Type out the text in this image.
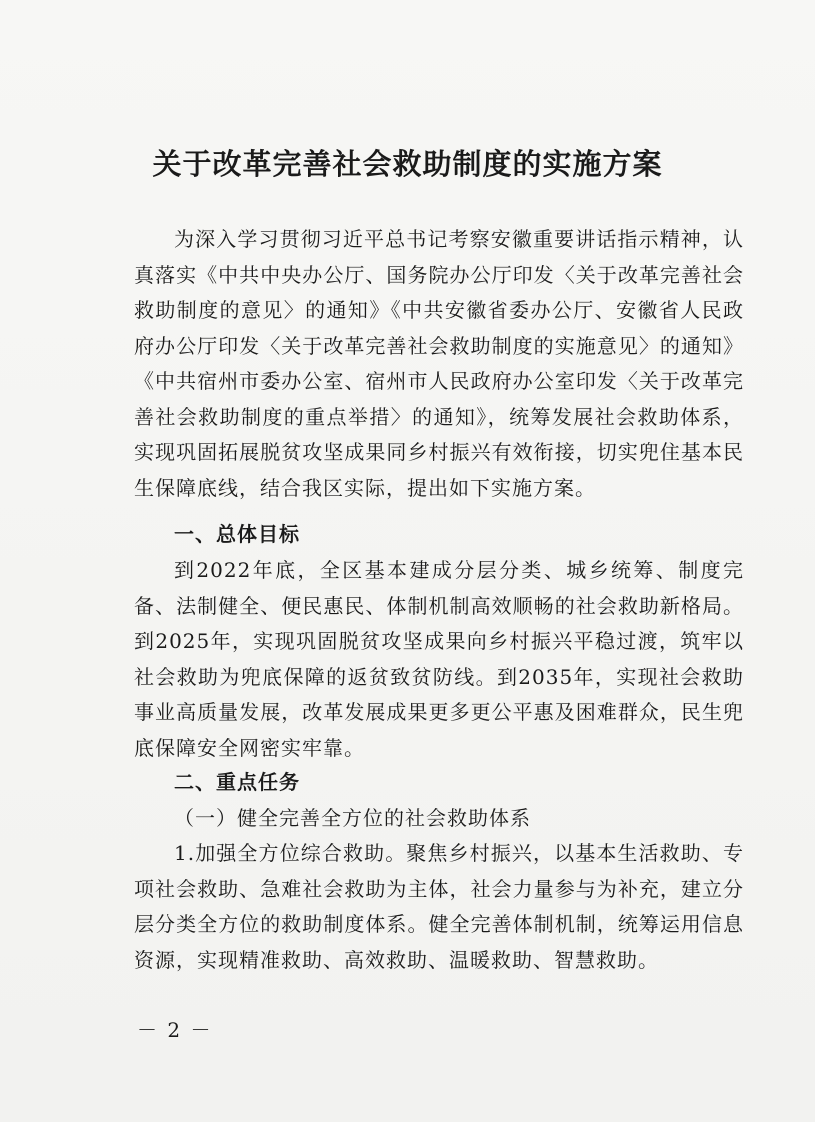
关于改革完善社会救助制度的实施方案
为深入学习贯彻习近平总书记考察安徽重要讲话指示精神，认真落实《中共中央办公厅、国务院办公厅印发〈关于改革完善社会救助制度的意见〉的通知》《中共安徽省委办公厅、安徽省人民政府办公厅印发〈关于改革完善社会救助制度的实施意见〉的通知》《中共宿州市委办公室、宿州市人民政府办公室印发〈关于改革完善社会救助制度的重点举措〉的通知》，统筹发展社会救助体系，实现巩固拓展脱贫攻坚成果同乡村振兴有效衔接，切实兜住基本民生保障底线，结合我区实际，提出如下实施方案。
一、总体目标
到2022年底，全区基本建成分层分类、城乡统筹、制度完备、法制健全、便民惠民、体制机制高效顺畅的社会救助新格局。到2025年，实现巩固脱贫攻坚成果向乡村振兴平稳过渡，筑牢以社会救助为兜底保障的返贫致贫防线。到2035年，实现社会救助事业高质量发展，改革发展成果更多更公平惠及困难群众，民生兜底保障安全网密实牢靠。
二、重点任务
（一）健全完善全方位的社会救助体系
1.加强全方位综合救助。聚焦乡村振兴，以基本生活救助、专项社会救助、急难社会救助为主体，社会力量参与为补充，建立分层分类全方位的救助制度体系。健全完善体制机制，统筹运用信息资源，实现精准救助、高效救助、温暖救助、智慧救助。
－ 2 －
